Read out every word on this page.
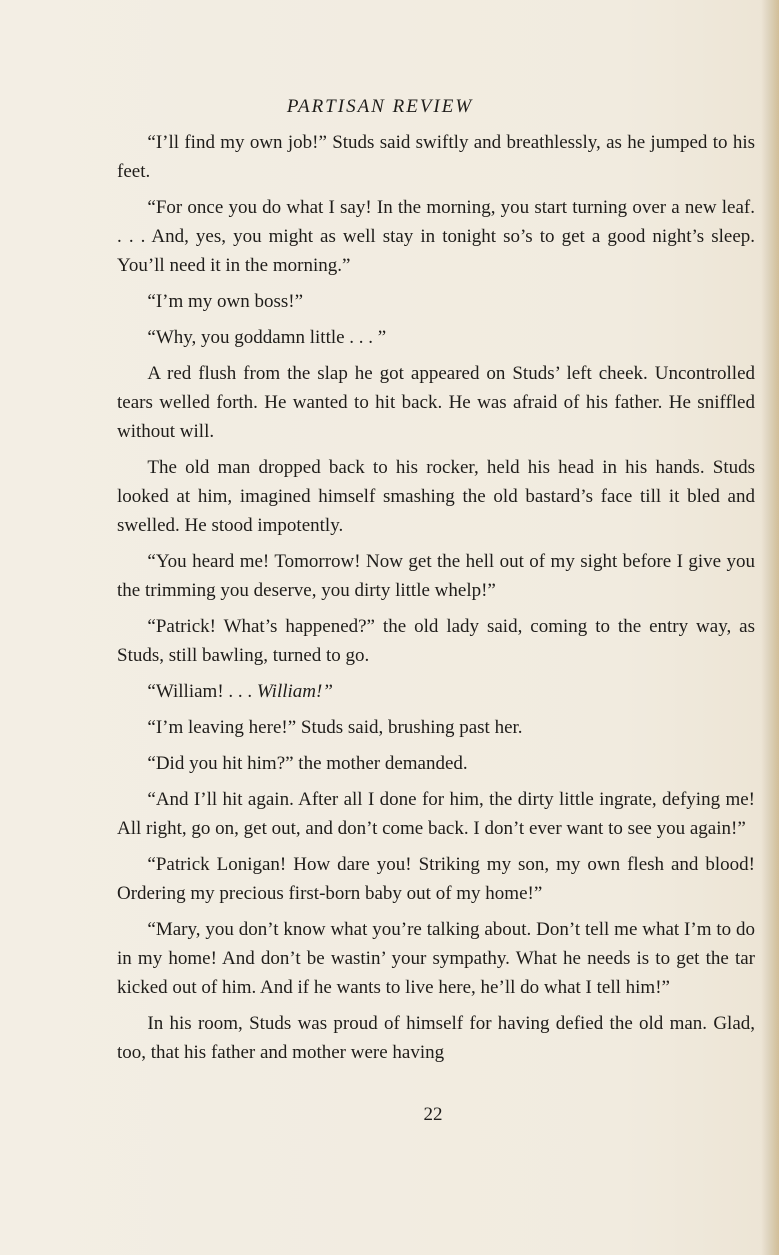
PARTISAN REVIEW

“I’ll find my own job!” Studs said swiftly and breathlessly, as he jumped to his feet.

“For once you do what I say! In the morning, you start turning over a new leaf. . . . And, yes, you might as well stay in tonight so’s to get a good night’s sleep. You’ll need it in the morning.”

“I’m my own boss!”

“Why, you goddamn little . . . ”

A red flush from the slap he got appeared on Studs’ left cheek. Uncontrolled tears welled forth. He wanted to hit back. He was afraid of his father. He sniffled without will.

The old man dropped back to his rocker, held his head in his hands. Studs looked at him, imagined himself smashing the old bastard’s face till it bled and swelled. He stood impotently.

“You heard me! Tomorrow! Now get the hell out of my sight before I give you the trimming you deserve, you dirty little whelp!”

“Patrick! What’s happened?” the old lady said, coming to the entry way, as Studs, still bawling, turned to go.

“William! . . . William!”

“I’m leaving here!” Studs said, brushing past her.

“Did you hit him?” the mother demanded.

“And I’ll hit again. After all I done for him, the dirty little ingrate, defying me! All right, go on, get out, and don’t come back. I don’t ever want to see you again!”

“Patrick Lonigan! How dare you! Striking my son, my own flesh and blood! Ordering my precious first-born baby out of my home!”

“Mary, you don’t know what you’re talking about. Don’t tell me what I’m to do in my home! And don’t be wastin’ your sympathy. What he needs is to get the tar kicked out of him. And if he wants to live here, he’ll do what I tell him!”

In his room, Studs was proud of himself for having defied the old man. Glad, too, that his father and mother were having

22
